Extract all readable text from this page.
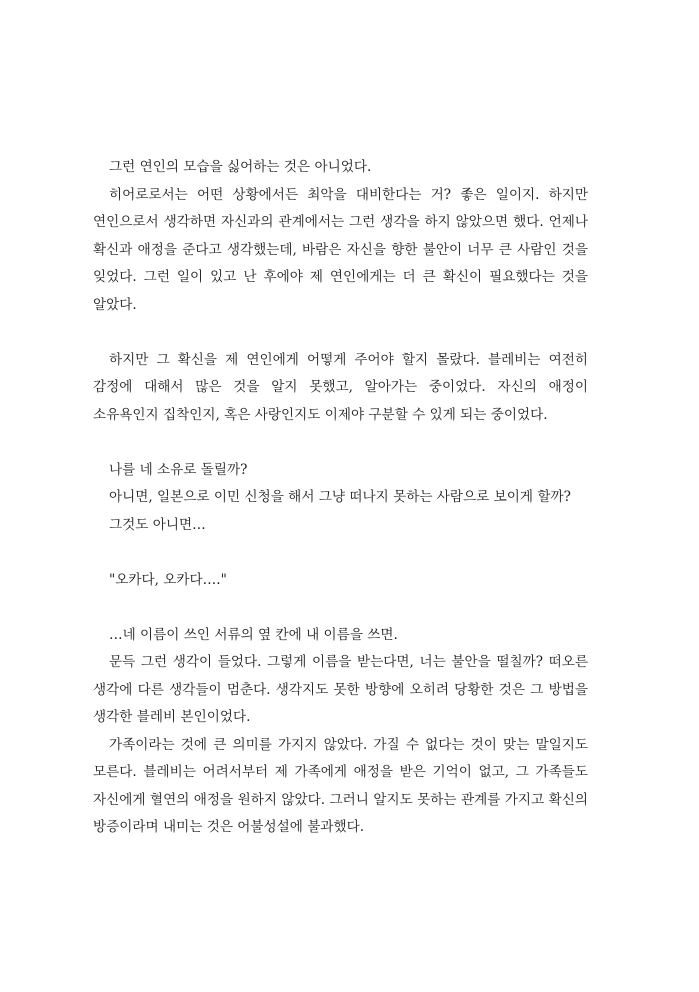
그런 연인의 모습을 싫어하는 것은 아니었다.

히어로로서는 어떤 상황에서든 최악을 대비한다는 거? 좋은 일이지. 하지만 연인으로서 생각하면 자신과의 관계에서는 그런 생각을 하지 않았으면 했다. 언제나 확신과 애정을 준다고 생각했는데, 바람은 자신을 향한 불안이 너무 큰 사람인 것을 잊었다. 그런 일이 있고 난 후에야 제 연인에게는 더 큰 확신이 필요했다는 것을 알았다.

하지만 그 확신을 제 연인에게 어떻게 주어야 할지 몰랐다. 블레비는 여전히 감정에 대해서 많은 것을 알지 못했고, 알아가는 중이었다. 자신의 애정이 소유욕인지 집착인지, 혹은 사랑인지도 이제야 구분할 수 있게 되는 중이었다.

나를 네 소유로 돌릴까?

아니면, 일본으로 이민 신청을 해서 그냥 떠나지 못하는 사람으로 보이게 할까?

그것도 아니면…

"오카다, 오카다…."

…네 이름이 쓰인 서류의 옆 칸에 내 이름을 쓰면.

문득 그런 생각이 들었다. 그렇게 이름을 받는다면, 너는 불안을 떨칠까? 떠오른 생각에 다른 생각들이 멈춘다. 생각지도 못한 방향에 오히려 당황한 것은 그 방법을 생각한 블레비 본인이었다.

가족이라는 것에 큰 의미를 가지지 않았다. 가질 수 없다는 것이 맞는 말일지도 모른다. 블레비는 어려서부터 제 가족에게 애정을 받은 기억이 없고, 그 가족들도 자신에게 혈연의 애정을 원하지 않았다. 그러니 알지도 못하는 관계를 가지고 확신의 방증이라며 내미는 것은 어불성설에 불과했다.
